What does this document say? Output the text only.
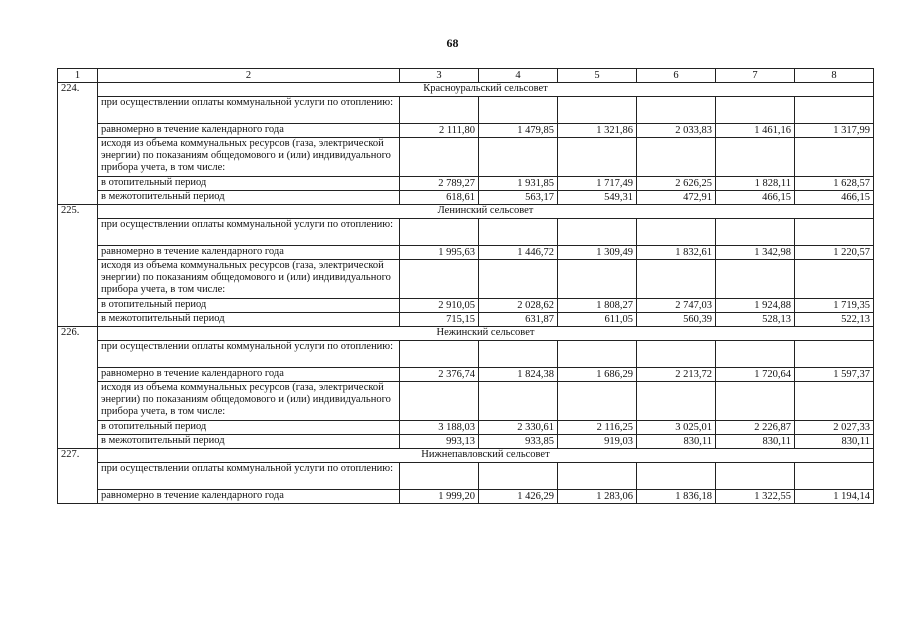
68
1	2	3	4	5	6	7	8
224.	Красноуральский сельсовет						
	при осуществлении оплаты коммунальной услуги по отоплению:						
	равномерно в течение календарного года	2 111,80	1 479,85	1 321,86	2 033,83	1 461,16	1 317,99
	исходя из объема коммунальных ресурсов (газа, электрической энергии) по показаниям общедомового и (или) индивидуального прибора учета, в том числе:						
	в отопительный период	2 789,27	1 931,85	1 717,49	2 626,25	1 828,11	1 628,57
	в межотопительный период	618,61	563,17	549,31	472,91	466,15	466,15
225.	Ленинский сельсовет						
	при осуществлении оплаты коммунальной услуги по отоплению:						
	равномерно в течение календарного года	1 995,63	1 446,72	1 309,49	1 832,61	1 342,98	1 220,57
	исходя из объема коммунальных ресурсов (газа, электрической энергии) по показаниям общедомового и (или) индивидуального прибора учета, в том числе:						
	в отопительный период	2 910,05	2 028,62	1 808,27	2 747,03	1 924,88	1 719,35
	в межотопительный период	715,15	631,87	611,05	560,39	528,13	522,13
226.	Нежинский сельсовет						
	при осуществлении оплаты коммунальной услуги по отоплению:						
	равномерно в течение календарного года	2 376,74	1 824,38	1 686,29	2 213,72	1 720,64	1 597,37
	исходя из объема коммунальных ресурсов (газа, электрической энергии) по показаниям общедомового и (или) индивидуального прибора учета, в том числе:						
	в отопительный период	3 188,03	2 330,61	2 116,25	3 025,01	2 226,87	2 027,33
	в межотопительный период	993,13	933,85	919,03	830,11	830,11	830,11
227.	Нижнепавловский сельсовет						
	при осуществлении оплаты коммунальной услуги по отоплению:						
	равномерно в течение календарного года	1 999,20	1 426,29	1 283,06	1 836,18	1 322,55	1 194,14
